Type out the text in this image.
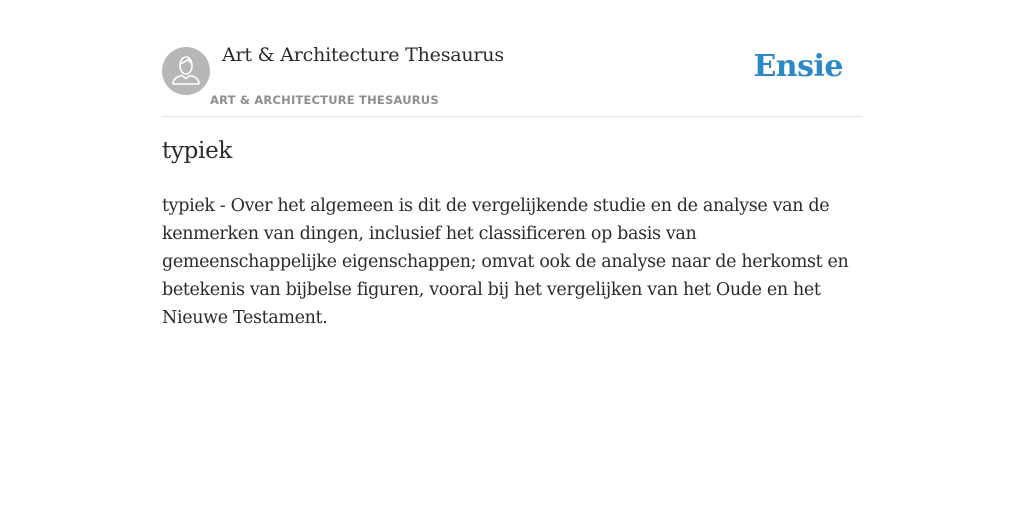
Art & Architecture Thesaurus
ART & ARCHITECTURE THESAURUS
Ensie
typiek

typiek - Over het algemeen is dit de vergelijkende studie en de analyse van de kenmerken van dingen, inclusief het classificeren op basis van gemeenschappelijke eigenschappen; omvat ook de analyse naar de herkomst en betekenis van bijbelse figuren, vooral bij het vergelijken van het Oude en het Nieuwe Testament.
